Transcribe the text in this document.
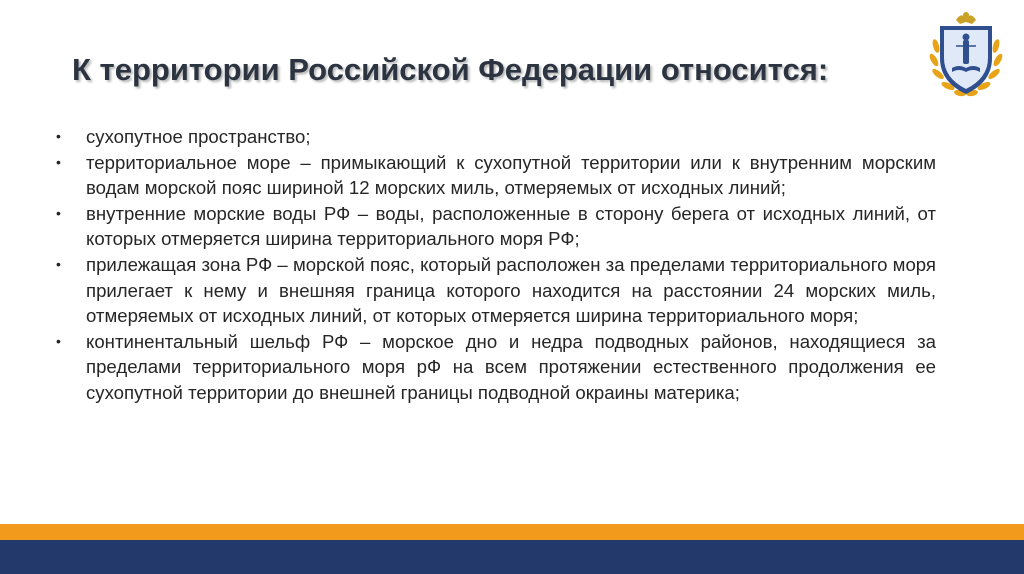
К территории Российской Федерации относится:
• сухопутное пространство;
• территориальное море – примыкающий к сухопутной территории или к внутренним морским водам морской пояс шириной 12 морских миль, отмеряемых от исходных линий;
• внутренние морские воды РФ – воды, расположенные в сторону берега от исходных линий, от которых отмеряется ширина территориального моря РФ;
• прилежащая зона РФ – морской пояс, который расположен за пределами территориального моря прилегает к нему и внешняя граница которого находится на расстоянии 24 морских миль, отмеряемых от исходных линий, от которых отмеряется ширина территориального моря;
• континентальный шельф РФ – морское дно и недра подводных районов, находящиеся за пределами территориального моря рФ на всем протяжении естественного продолжения ее сухопутной территории до внешней границы подводной окраины материка;
